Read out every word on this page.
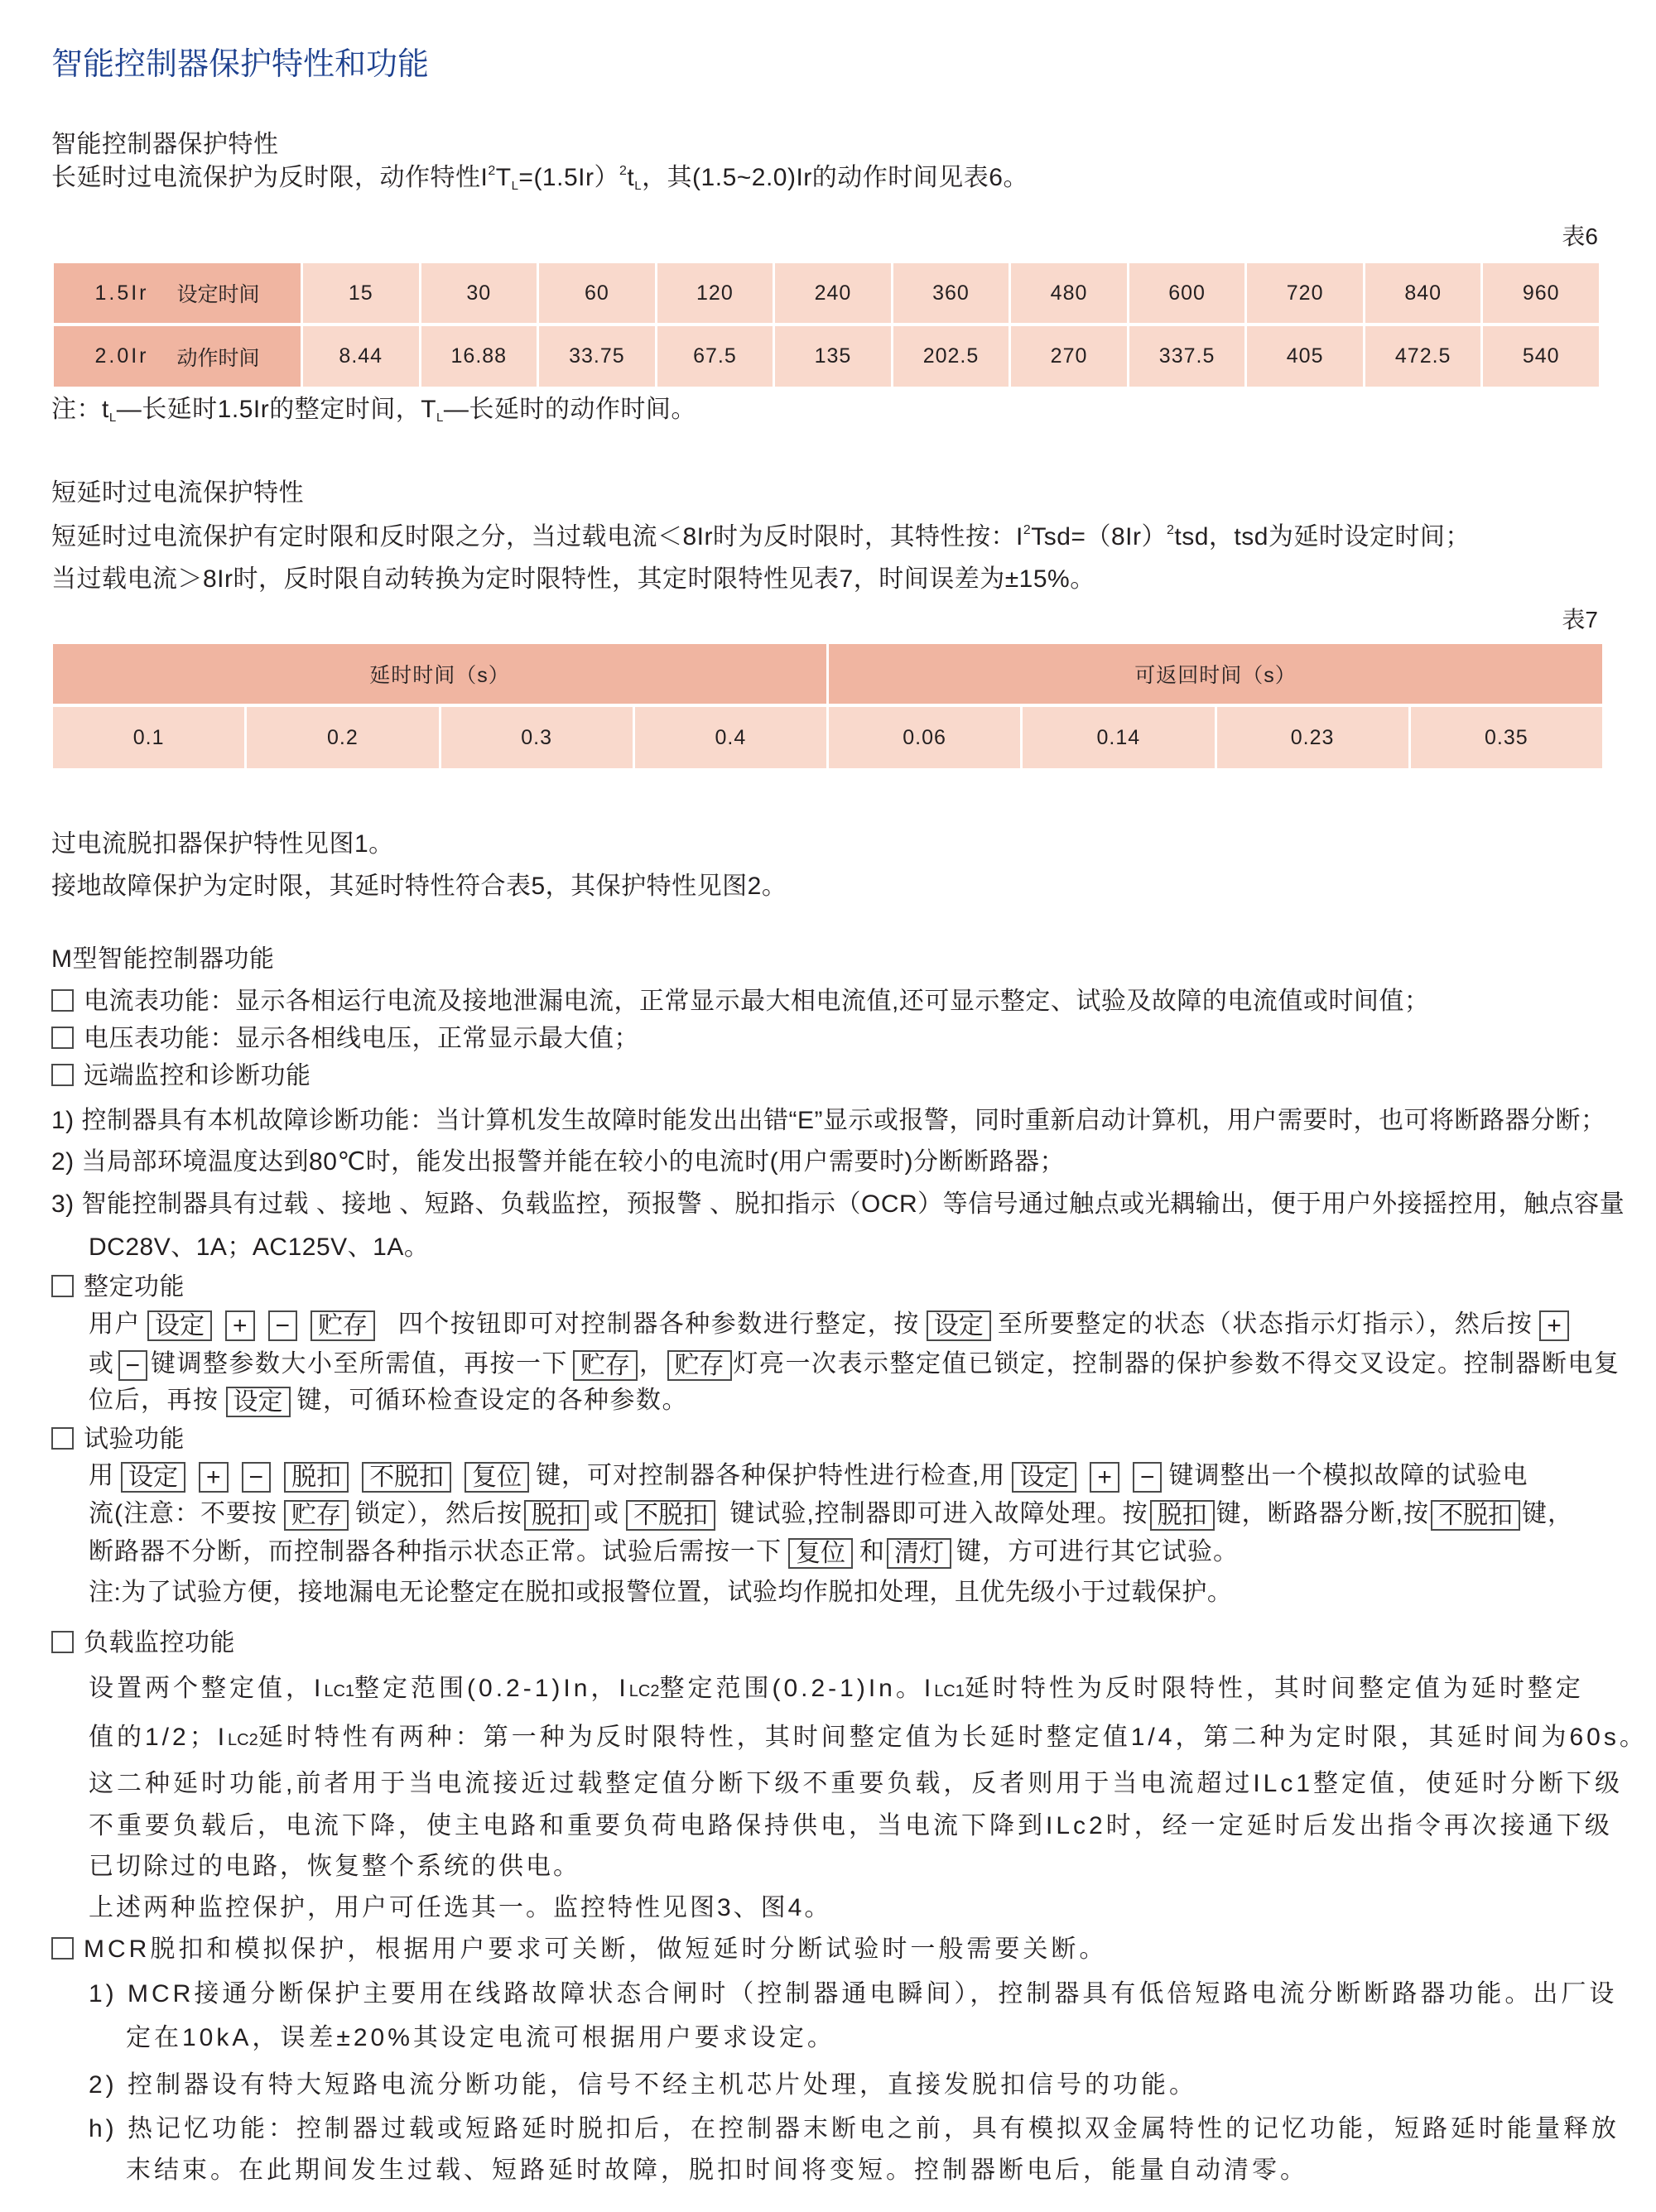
智能控制器保护特性和功能
智能控制器保护特性
长延时过电流保护为反时限，动作特性$I^2T_L=(1.5Ir)^2t_L$，其(1.5~2.0)Ir的动作时间见表6。
表6
1.5Ir 设定时间	15	30	60	120	240	360	480	600	720	840	960
2.0Ir 动作时间	8.44	16.88	33.75	67.5	135	202.5	270	337.5	405	472.5	540
注：$t_L—$长延时1.5Ir的整定时间，$T_L—$长延时的动作时间。
短延时过电流保护特性
短延时过电流保护有定时限和反时限之分，当过载电流＜8Ir时为反时限时，其特性按：$I^2Tsd=(8Ir)^2tsd$，tsd为延时设定时间；
当过载电流＞8Ir时，反时限自动转换为定时限特性，其定时限特性见表7，时间误差为±15%。
表7
延时时间（s）	可返回时间（s）
0.1	0.2	0.3	0.4	0.06	0.14	0.23	0.35
过电流脱扣器保护特性见图1。
接地故障保护为定时限，其延时特性符合表5，其保护特性见图2。
M型智能控制器功能
电流表功能：显示各相运行电流及接地泄漏电流，正常显示最大相电流值,还可显示整定、试验及故障的电流值或时间值；
电压表功能：显示各相线电压，正常显示最大值；
远端监控和诊断功能
1) 控制器具有本机故障诊断功能：当计算机发生故障时能发出出错“E”显示或报警，同时重新启动计算机，用户需要时，也可将断路器分断；
2) 当局部环境温度达到80℃时，能发出报警并能在较小的电流时(用户需要时)分断断路器；
3) 智能控制器具有过载 、接地 、短路、负载监控，预报警 、脱扣指示（OCR）等信号通过触点或光耦输出，便于用户外接摇控用，触点容量
DC28V、1A；AC125V、1A。
整定功能
用户 设定 + − 贮存 四个按钮即可对控制器各种参数进行整定，按 设定 至所要整定的状态（状态指示灯指示），然后按 +
或 − 键调整参数大小至所需值，再按一下 贮存 ， 贮存 灯亮一次表示整定值已锁定，控制器的保护参数不得交叉设定。控制器断电复
位后，再按 设定 键，可循环检查设定的各种参数。
试验功能
用 设定 + − 脱扣 不脱扣 复位 键，可对控制器各种保护特性进行检查,用 设定 + − 键调整出一个模拟故障的试验电
流(注意：不要按 贮存 锁定），然后按 脱扣 或 不脱扣 键试验,控制器即可进入故障处理。按 脱扣 键，断路器分断,按 不脱扣 键，
断路器不分断，而控制器各种指示状态正常。试验后需按一下 复位 和 清灯 键，方可进行其它试验。
注:为了试验方便，接地漏电无论整定在脱扣或报警位置，试验均作脱扣处理，且优先级小于过载保护。
负载监控功能
设置两个整定值，ILC1整定范围(0.2-1)In，ILC2整定范围(0.2-1)In。ILC1延时特性为反时限特性，其时间整定值为延时整定
值的1/2；ILC2延时特性有两种：第一种为反时限特性，其时间整定值为长延时整定值1/4，第二种为定时限，其延时间为60s。
这二种延时功能,前者用于当电流接近过载整定值分断下级不重要负载，反者则用于当电流超过ILc1整定值，使延时分断下级
不重要负载后，电流下降，使主电路和重要负荷电路保持供电，当电流下降到ILc2时，经一定延时后发出指令再次接通下级
已切除过的电路，恢复整个系统的供电。
上述两种监控保护，用户可任选其一。监控特性见图3、图4。
MCR脱扣和模拟保护，根据用户要求可关断，做短延时分断试验时一般需要关断。
1) MCR接通分断保护主要用在线路故障状态合闸时（控制器通电瞬间），控制器具有低倍短路电流分断断路器功能。出厂设
定在10kA，误差±20%其设定电流可根据用户要求设定。
2) 控制器设有特大短路电流分断功能，信号不经主机芯片处理，直接发脱扣信号的功能。
h) 热记忆功能：控制器过载或短路延时脱扣后，在控制器末断电之前，具有模拟双金属特性的记忆功能，短路延时能量释放
末结束。在此期间发生过载、短路延时故障，脱扣时间将变短。控制器断电后，能量自动清零。
